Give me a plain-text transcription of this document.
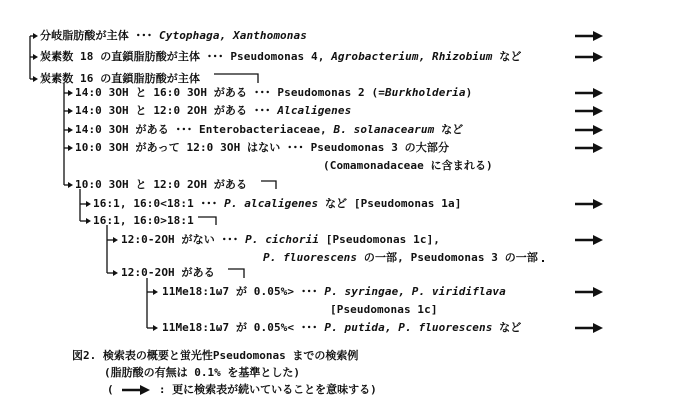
分岐脂肪酸が主体 ･･･ Cytophaga, Xanthomonas
炭素数 18 の直鎖脂肪酸が主体 ･･･ Pseudomonas 4, Agrobacterium, Rhizobium など
炭素数 16 の直鎖脂肪酸が主体
14:0 3OH と 16:0 3OH がある ･･･ Pseudomonas 2 (=Burkholderia)
14:0 3OH と 12:0 2OH がある ･･･ Alcaligenes
14:0 3OH がある ･･･ Enterobacteriaceae, B. solanacearum など
10:0 3OH があって 12:0 3OH はない ･･･ Pseudomonas 3 の大部分
(Comamonadaceae に含まれる)
10:0 3OH と 12:0 2OH がある
16:1, 16:0<18:1 ･･･ P. alcaligenes など [Pseudomonas 1a]
16:1, 16:0>18:1
12:0-2OH がない ･･･ P. cichorii [Pseudomonas 1c],
P. fluorescens の一部, Pseudomonas 3 の一部
12:0-2OH がある
11Me18:1ω7 が 0.05%> ･･･ P. syringae, P. viridiflava
[Pseudomonas 1c]
11Me18:1ω7 が 0.05%< ･･･ P. putida, P. fluorescens など
図2. 検索表の概要と蛍光性Pseudomonas までの検索例
(脂肪酸の有無は 0.1% を基準とした)
(	: 更に検索表が続いていることを意味する)
